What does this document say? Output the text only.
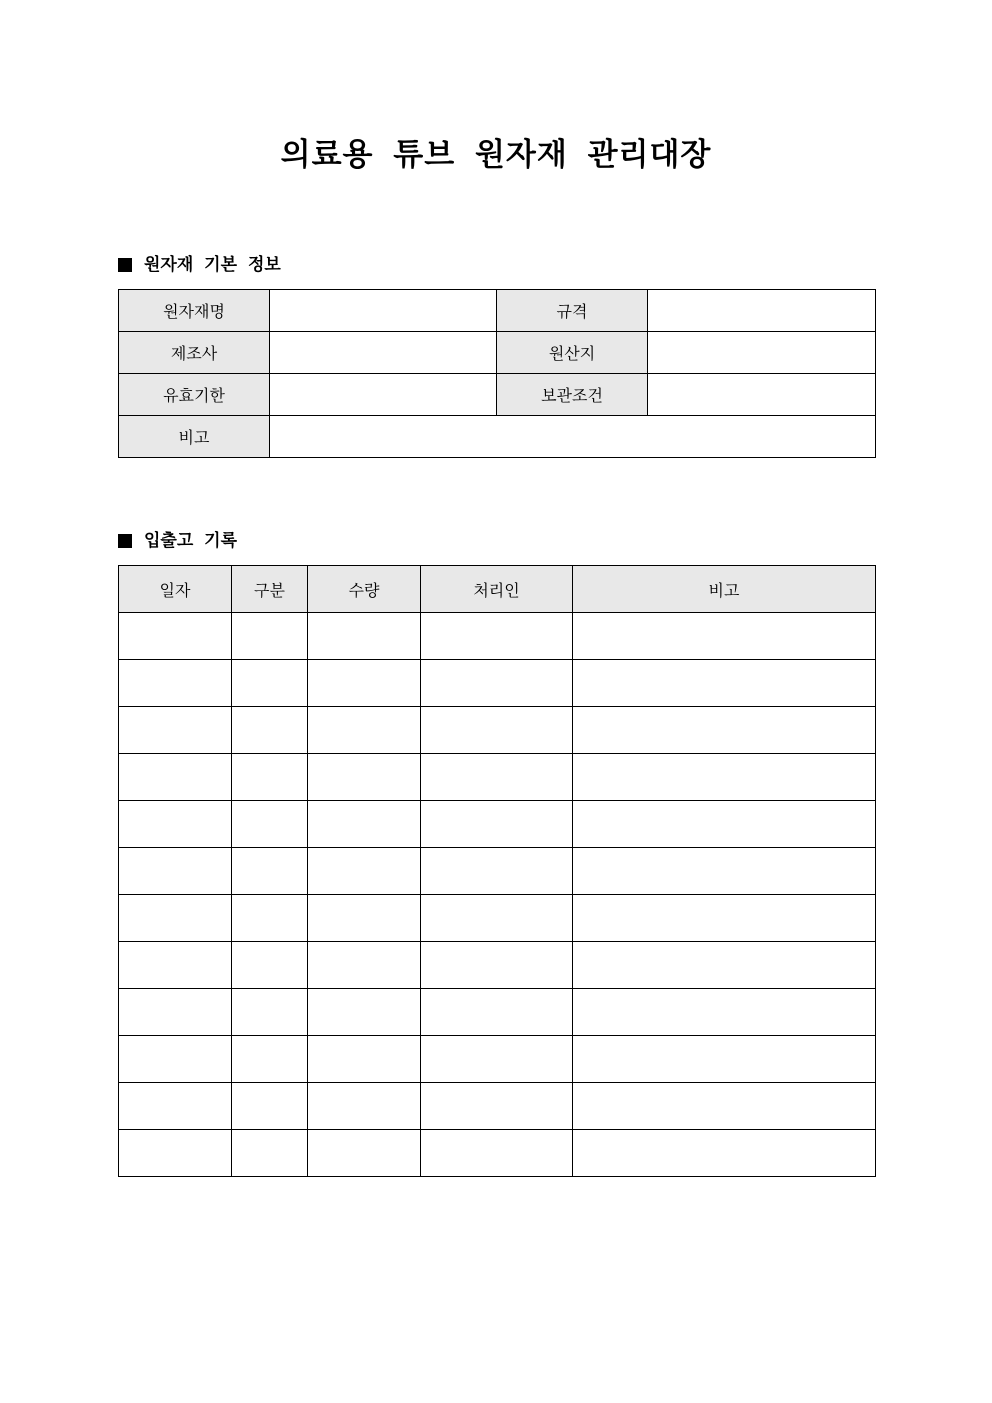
의료용 튜브 원자재 관리대장
원자재 기본 정보
원자재명		규격	
제조사		원산지	
유효기한		보관조건	
비고			
입출고 기록
일자	구분	수량	처리인	비고
